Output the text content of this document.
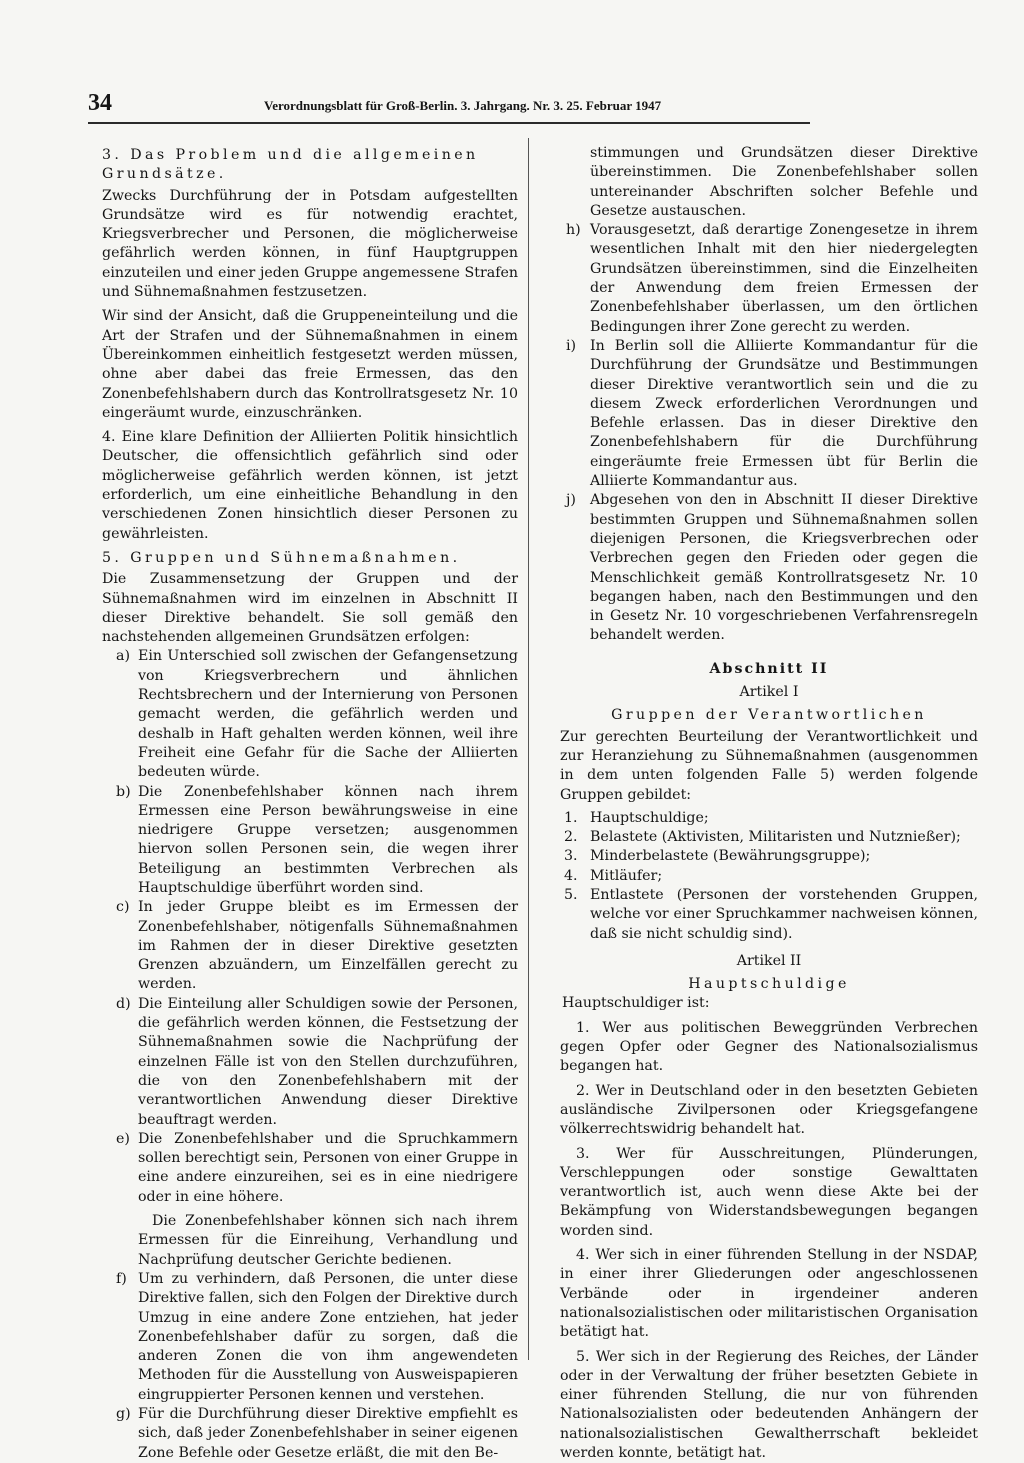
34	Verordnungsblatt für Groß-Berlin. 3. Jahrgang. Nr. 3. 25. Februar 1947

3. Das Problem und die allgemeinen Grundsätze.

Zwecks Durchführung der in Potsdam aufgestellten Grundsätze wird es für notwendig erachtet, Kriegsverbrecher und Personen, die möglicherweise gefährlich werden können, in fünf Hauptgruppen einzuteilen und einer jeden Gruppe angemessene Strafen und Sühnemaßnahmen festzusetzen.

Wir sind der Ansicht, daß die Gruppeneinteilung und die Art der Strafen und der Sühnemaßnahmen in einem Übereinkommen einheitlich festgesetzt werden müssen, ohne aber dabei das freie Ermessen, das den Zonenbefehlshabern durch das Kontrollratsgesetz Nr. 10 eingeräumt wurde, einzuschränken.

4. Eine klare Definition der Alliierten Politik hinsichtlich Deutscher, die offensichtlich gefährlich sind oder möglicherweise gefährlich werden können, ist jetzt erforderlich, um eine einheitliche Behandlung in den verschiedenen Zonen hinsichtlich dieser Personen zu gewährleisten.

5. Gruppen und Sühnemaßnahmen.

Die Zusammensetzung der Gruppen und der Sühnemaßnahmen wird im einzelnen in Abschnitt II dieser Direktive behandelt. Sie soll gemäß den nachstehenden allgemeinen Grundsätzen erfolgen:

a) Ein Unterschied soll zwischen der Gefangensetzung von Kriegsverbrechern und ähnlichen Rechtsbrechern und der Internierung von Personen gemacht werden, die gefährlich werden und deshalb in Haft gehalten werden können, weil ihre Freiheit eine Gefahr für die Sache der Alliierten bedeuten würde.
b) Die Zonenbefehlshaber können nach ihrem Ermessen eine Person bewährungsweise in eine niedrigere Gruppe versetzen; ausgenommen hiervon sollen Personen sein, die wegen ihrer Beteiligung an bestimmten Verbrechen als Hauptschuldige überführt worden sind.
c) In jeder Gruppe bleibt es im Ermessen der Zonenbefehlshaber, nötigenfalls Sühnemaßnahmen im Rahmen der in dieser Direktive gesetzten Grenzen abzuändern, um Einzelfällen gerecht zu werden.
d) Die Einteilung aller Schuldigen sowie der Personen, die gefährlich werden können, die Festsetzung der Sühnemaßnahmen sowie die Nachprüfung der einzelnen Fälle ist von den Stellen durchzuführen, die von den Zonenbefehlshabern mit der verantwortlichen Anwendung dieser Direktive beauftragt werden.
e) Die Zonenbefehlshaber und die Spruchkammern sollen berechtigt sein, Personen von einer Gruppe in eine andere einzureihen, sei es in eine niedrigere oder in eine höhere.

Die Zonenbefehlshaber können sich nach ihrem Ermessen für die Einreihung, Verhandlung und Nachprüfung deutscher Gerichte bedienen.

f) Um zu verhindern, daß Personen, die unter diese Direktive fallen, sich den Folgen der Direktive durch Umzug in eine andere Zone entziehen, hat jeder Zonenbefehlshaber dafür zu sorgen, daß die anderen Zonen die von ihm angewendeten Methoden für die Ausstellung von Ausweispapieren eingruppierter Personen kennen und verstehen.
g) Für die Durchführung dieser Direktive empfiehlt es sich, daß jeder Zonenbefehlshaber in seiner eigenen Zone Befehle oder Gesetze erläßt, die mit den Be-

stimmungen und Grundsätzen dieser Direktive übereinstimmen. Die Zonenbefehlshaber sollen untereinander Abschriften solcher Befehle und Gesetze austauschen.

h) Vorausgesetzt, daß derartige Zonengesetze in ihrem wesentlichen Inhalt mit den hier niedergelegten Grundsätzen übereinstimmen, sind die Einzelheiten der Anwendung dem freien Ermessen der Zonenbefehlshaber überlassen, um den örtlichen Bedingungen ihrer Zone gerecht zu werden.
i) In Berlin soll die Alliierte Kommandantur für die Durchführung der Grundsätze und Bestimmungen dieser Direktive verantwortlich sein und die zu diesem Zweck erforderlichen Verordnungen und Befehle erlassen. Das in dieser Direktive den Zonenbefehlshabern für die Durchführung eingeräumte freie Ermessen übt für Berlin die Alliierte Kommandantur aus.
j) Abgesehen von den in Abschnitt II dieser Direktive bestimmten Gruppen und Sühnemaßnahmen sollen diejenigen Personen, die Kriegsverbrechen oder Verbrechen gegen den Frieden oder gegen die Menschlichkeit gemäß Kontrollratsgesetz Nr. 10 begangen haben, nach den Bestimmungen und den in Gesetz Nr. 10 vorgeschriebenen Verfahrensregeln behandelt werden.

Abschnitt II

Artikel I

Gruppen der Verantwortlichen

Zur gerechten Beurteilung der Verantwortlichkeit und zur Heranziehung zu Sühnemaßnahmen (ausgenommen in dem unten folgenden Falle 5) werden folgende Gruppen gebildet:

1. Hauptschuldige;
2. Belastete (Aktivisten, Militaristen und Nutznießer);
3. Minderbelastete (Bewährungsgruppe);
4. Mitläufer;
5. Entlastete (Personen der vorstehenden Gruppen, welche vor einer Spruchkammer nachweisen können, daß sie nicht schuldig sind).

Artikel II

Hauptschuldige

Hauptschuldiger ist:

1. Wer aus politischen Beweggründen Verbrechen gegen Opfer oder Gegner des Nationalsozialismus begangen hat.

2. Wer in Deutschland oder in den besetzten Gebieten ausländische Zivilpersonen oder Kriegsgefangene völkerrechtswidrig behandelt hat.

3. Wer für Ausschreitungen, Plünderungen, Verschleppungen oder sonstige Gewalttaten verantwortlich ist, auch wenn diese Akte bei der Bekämpfung von Widerstandsbewegungen begangen worden sind.

4. Wer sich in einer führenden Stellung in der NSDAP, in einer ihrer Gliederungen oder angeschlossenen Verbände oder in irgendeiner anderen nationalsozialistischen oder militaristischen Organisation betätigt hat.

5. Wer sich in der Regierung des Reiches, der Länder oder in der Verwaltung der früher besetzten Gebiete in einer führenden Stellung, die nur von führenden Nationalsozialisten oder bedeutenden Anhängern der nationalsozialistischen Gewaltherrschaft bekleidet werden konnte, betätigt hat.
